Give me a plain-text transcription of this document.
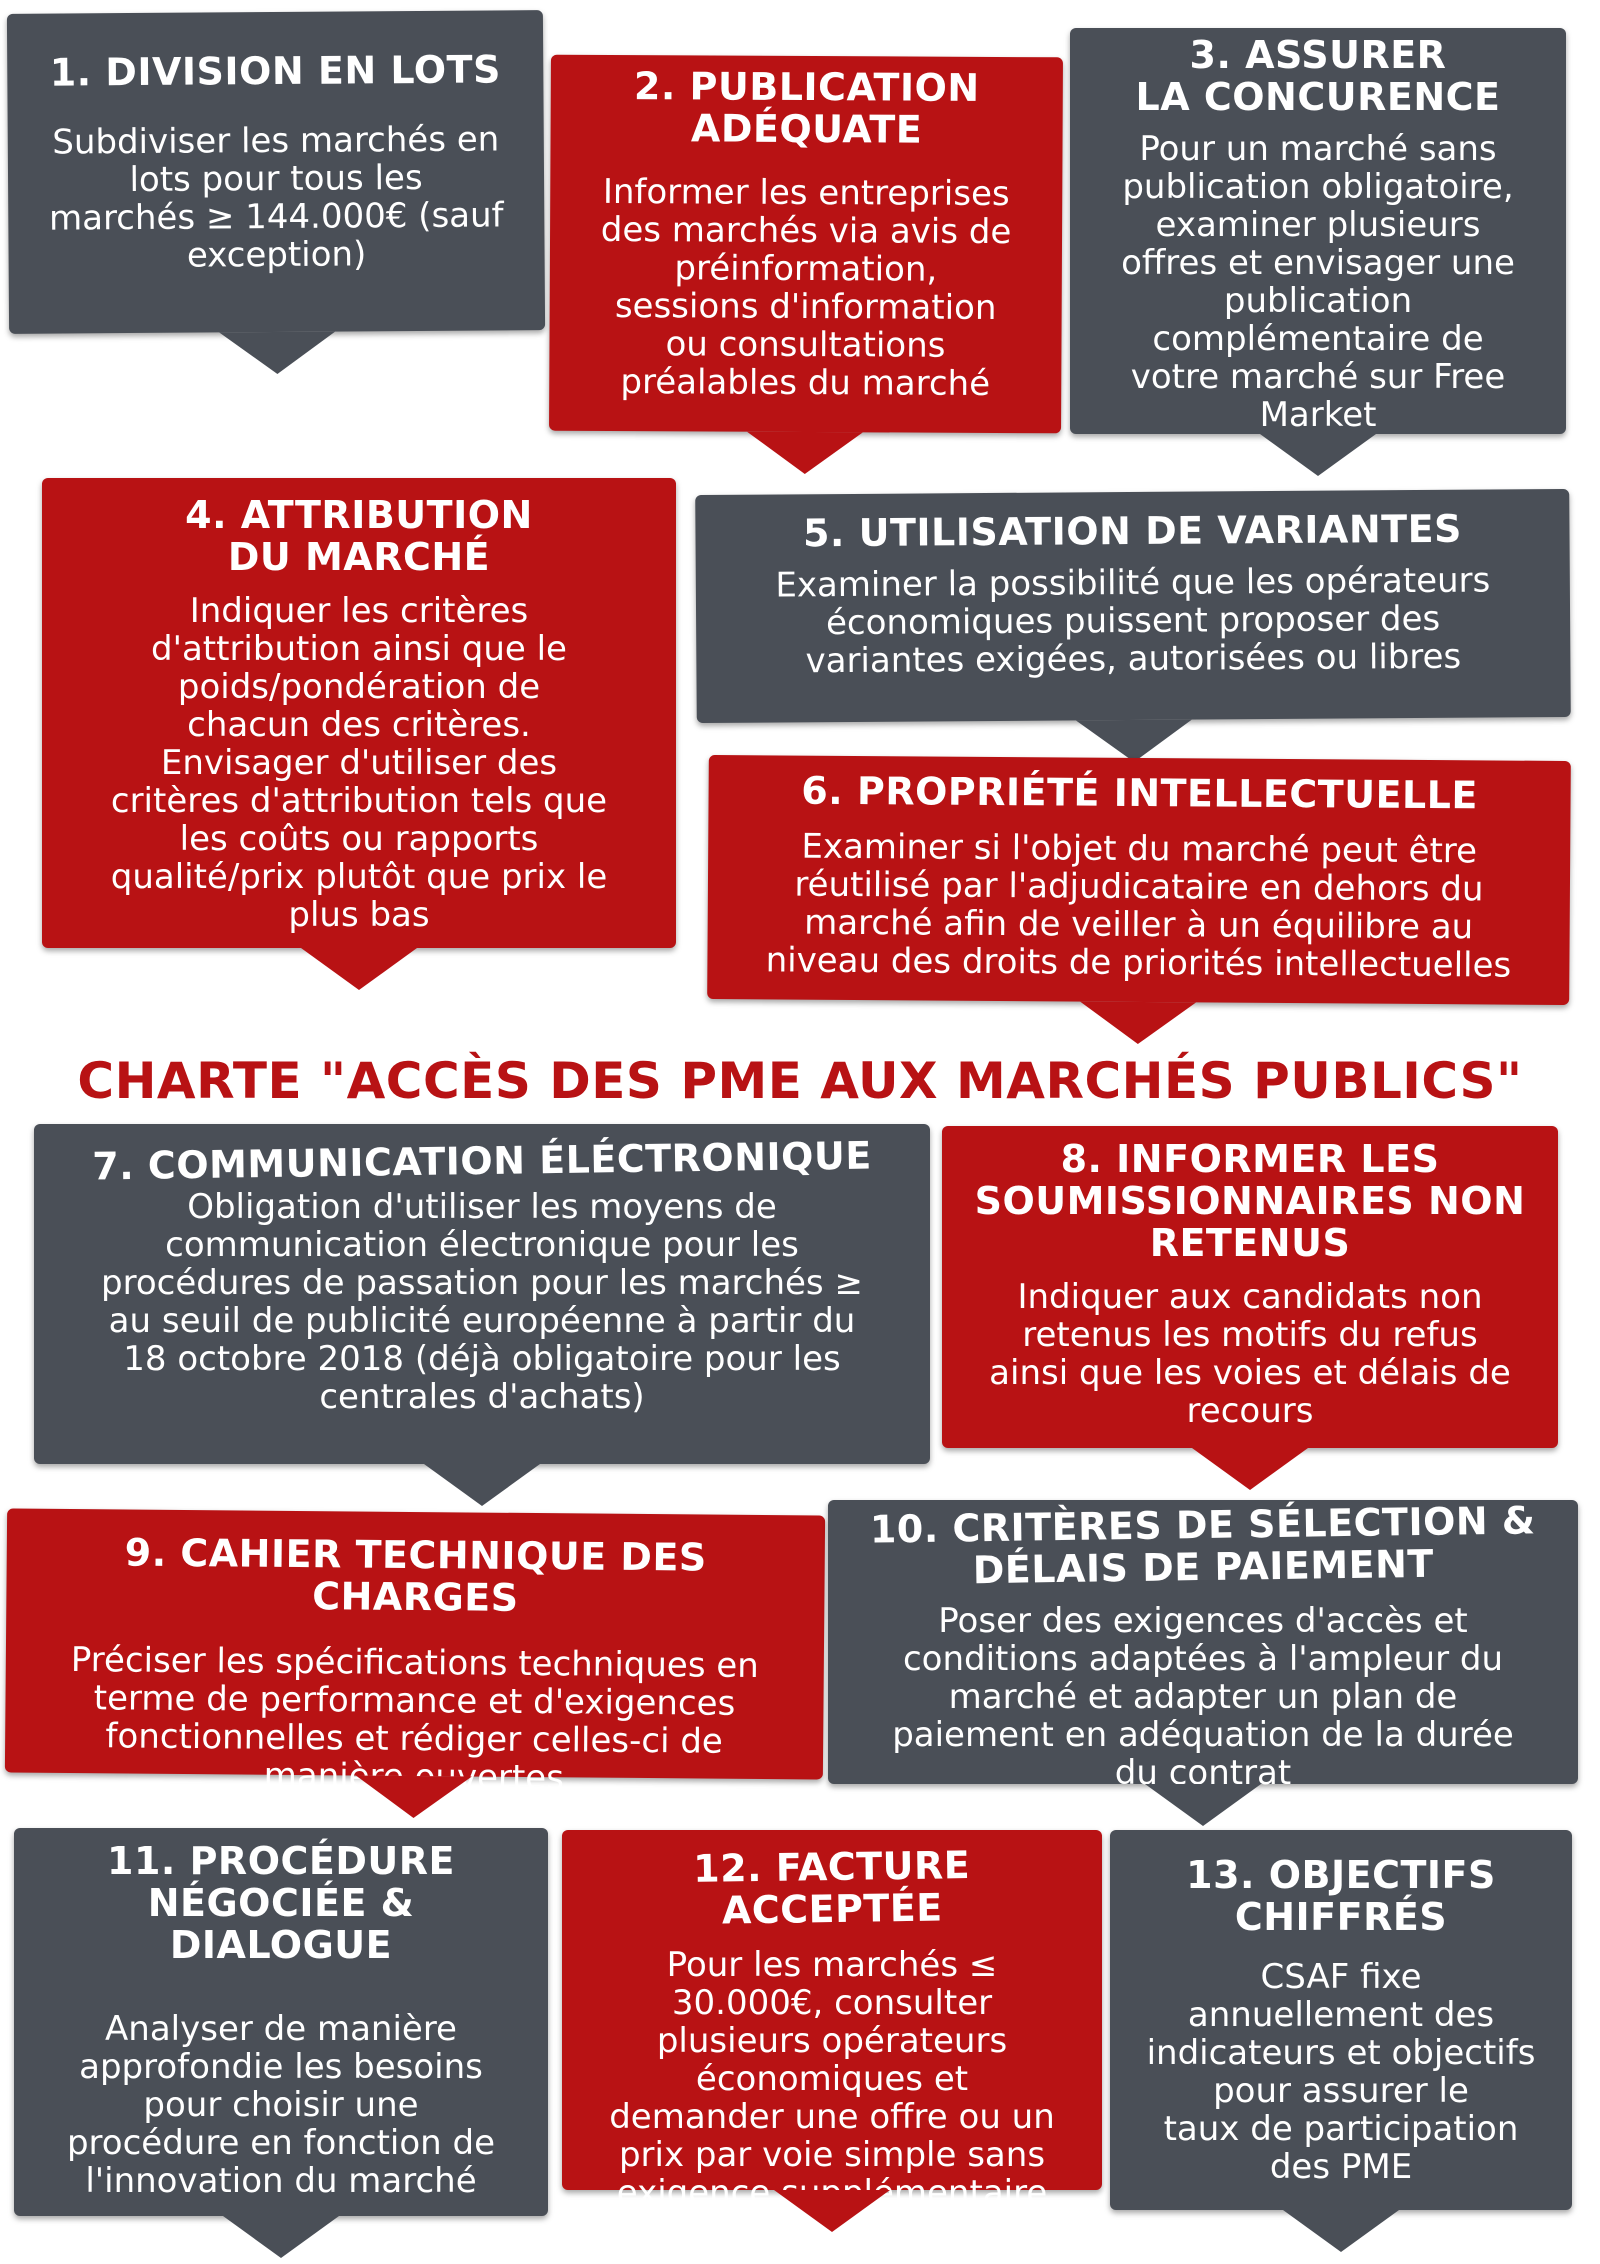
1. DIVISION EN LOTS

Subdiviser les marchés en
lots pour tous les
marchés ≥ 144.000€ (sauf
exception)

2. PUBLICATION
ADÉQUATE

Informer les entreprises
des marchés via avis de
préinformation,
sessions d'information
ou consultations
préalables du marché

3. ASSURER
LA CONCURENCE

Pour un marché sans
publication obligatoire,
examiner plusieurs
offres et envisager une
publication
complémentaire de
votre marché sur Free
Market

4. ATTRIBUTION
DU MARCHÉ

Indiquer les critères
d'attribution ainsi que le
poids/pondération de
chacun des critères.
Envisager d'utiliser des
critères d'attribution tels que
les coûts ou rapports
qualité/prix plutôt que prix le
plus bas

5. UTILISATION DE VARIANTES

Examiner la possibilité que les opérateurs
économiques puissent proposer des
variantes exigées, autorisées ou libres

6. PROPRIÉTÉ INTELLECTUELLE

Examiner si l'objet du marché peut être
réutilisé par l'adjudicataire en dehors du
marché afin de veiller à un équilibre au
niveau des droits de priorités intellectuelles

CHARTE "ACCÈS DES PME AUX MARCHÉS PUBLICS"
7. COMMUNICATION ÉLÉCTRONIQUE

Obligation d'utiliser les moyens de
communication électronique pour les
procédures de passation pour les marchés ≥
au seuil de publicité européenne à partir du
18 octobre 2018 (déjà obligatoire pour les
centrales d'achats)

8. INFORMER LES
SOUMISSIONNAIRES NON
RETENUS

Indiquer aux candidats non
retenus les motifs du refus
ainsi que les voies et délais de
recours

9. CAHIER TECHNIQUE DES CHARGES

Préciser les spécifications techniques en
terme de performance et d'exigences
fonctionnelles et rédiger celles-ci de
manière ouvertes

10. CRITÈRES DE SÉLECTION &
DÉLAIS DE PAIEMENT

Poser des exigences d'accès et
conditions adaptées à l'ampleur du
marché et adapter un plan de
paiement en adéquation de la durée
du contrat

11. PROCÉDURE
NÉGOCIÉE & DIALOGUE

Analyser de manière
approfondie les besoins
pour choisir une
procédure en fonction de
l'innovation du marché

12. FACTURE ACCEPTÉE

Pour les marchés ≤
30.000€, consulter
plusieurs opérateurs
économiques et
demander une offre ou un
prix par voie simple sans
exigence supplémentaire

13. OBJECTIFS
CHIFFRÉS

CSAF fixe
annuellement des
indicateurs et objectifs
pour assurer le
taux de participation
des PME
